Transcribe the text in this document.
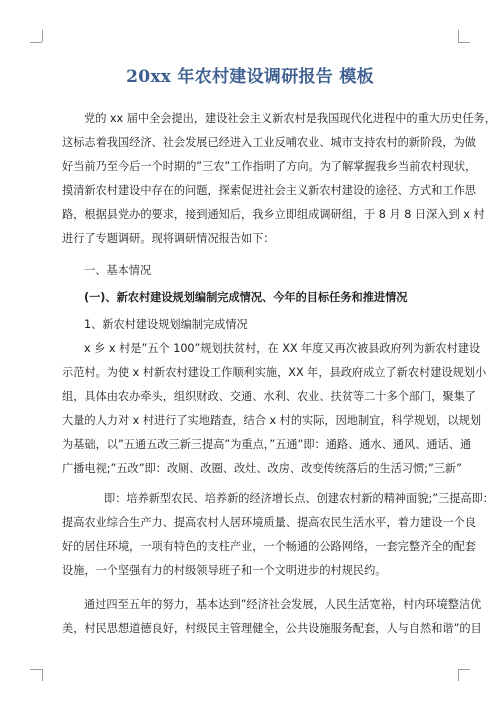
20xx 年农村建设调研报告 模板
党的 xx 届中全会提出，建设社会主义新农村是我国现代化进程中的重大历史任务，
这标志着我国经济、社会发展已经进入工业反哺农业、城市支持农村的新阶段，为做
好当前乃至今后一个时期的”三农”工作指明了方向。为了解掌握我乡当前农村现状，
摸清新农村建设中存在的问题，探索促进社会主义新农村建设的途径、方式和工作思
路，根据县党办的要求，接到通知后，我乡立即组成调研组，于 8 月 8 日深入到 x 村
进行了专题调研。现将调研情况报告如下：
一、基本情况
(一)、新农村建设规划编制完成情况、今年的目标任务和推进情况
1、新农村建设规划编制完成情况
x 乡 x 村是”五个 100”规划扶贫村，在 XX 年度又再次被县政府列为新农村建设
示范村。为使 x 村新农村建设工作顺利实施，XX 年，县政府成立了新农村建设规划小
组，具体由农办牵头，组织财政、交通、水利、农业、扶贫等二十多个部门，聚集了
大量的人力对 x 村进行了实地踏查，结合 x 村的实际，因地制宜，科学规划，以规划
为基础，以”五通五改三新三提高”为重点，”五通”即：通路、通水、通风、通话、通
广播电视;”五改”即：改厕、改圈、改灶、改房、改变传统落后的生活习惯;”三新”
即：培养新型农民、培养新的经济增长点、创建农村新的精神面貌;”三提高即：
提高农业综合生产力、提高农村人居环境质量、提高农民生活水平，着力建设一个良
好的居住环境，一项有特色的支柱产业，一个畅通的公路网络，一套完整齐全的配套
设施，一个坚强有力的村级领导班子和一个文明进步的村规民约。
通过四至五年的努力，基本达到”经济社会发展，人民生活宽裕，村内环境整洁优
美，村民思想道德良好，村级民主管理健全，公共设施服务配套，人与自然和谐”的目
